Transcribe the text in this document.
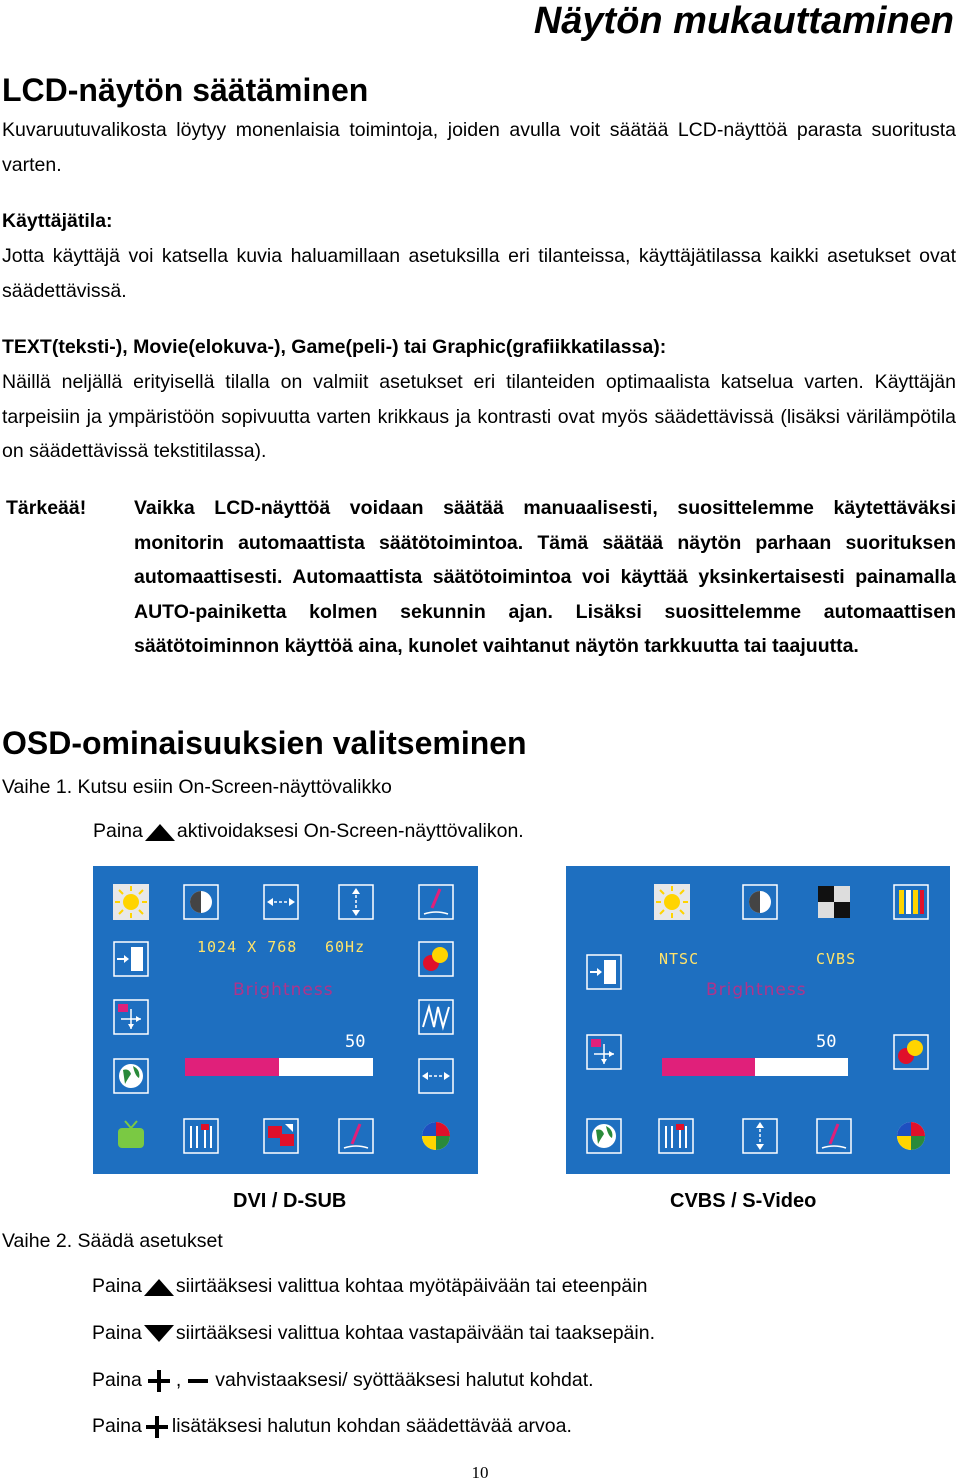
Näytön mukauttaminen
LCD-näytön säätäminen
Kuvaruutuvalikosta löytyy monenlaisia toimintoja, joiden avulla voit säätää LCD-näyttöä parasta suoritusta varten.
Käyttäjätila:
Jotta käyttäjä voi katsella kuvia haluamillaan asetuksilla eri tilanteissa, käyttäjätilassa kaikki asetukset ovat säädettävissä.
TEXT(teksti-), Movie(elokuva-), Game(peli-) tai Graphic(grafiikkatilassa):
Näillä neljällä erityisellä tilalla on valmiit asetukset eri tilanteiden optimaalista katselua varten. Käyttäjän tarpeisiin ja ympäristöön sopivuutta varten krikkaus ja kontrasti ovat myös säädettävissä (lisäksi värilämpötila on säädettävissä tekstitilassa).
Tärkeää! Vaikka LCD-näyttöä voidaan säätää manuaalisesti, suosittelemme käytettäväksi monitorin automaattista säätötoimintoa. Tämä säätää näytön parhaan suorituksen automaattisesti. Automaattista säätötoimintoa voi käyttää yksinkertaisesti painamalla AUTO-painiketta kolmen sekunnin ajan. Lisäksi suosittelemme automaattisen säätötoiminnon käyttöä aina, kunolet vaihtanut näytön tarkkuutta tai taajuutta.
OSD-ominaisuuksien valitseminen
Vaihe 1. Kutsu esiin On-Screen-näyttövalikko
Paina aktivoidaksesi On-Screen-näyttövalikon.
1024 X 768 60Hz
Brightness
50
NTSC	CVBS
Brightness
50
DVI / D-SUB	CVBS / S-Video
Vaihe 2. Säädä asetukset
Paina siirtääksesi valittua kohtaa myötäpäivään tai eteenpäin
Paina siirtääksesi valittua kohtaa vastapäivään tai taaksepäin.
Paina , vahvistaaksesi/ syöttääksesi halutut kohdat.
Paina lisätäksesi halutun kohdan säädettävää arvoa.
10
